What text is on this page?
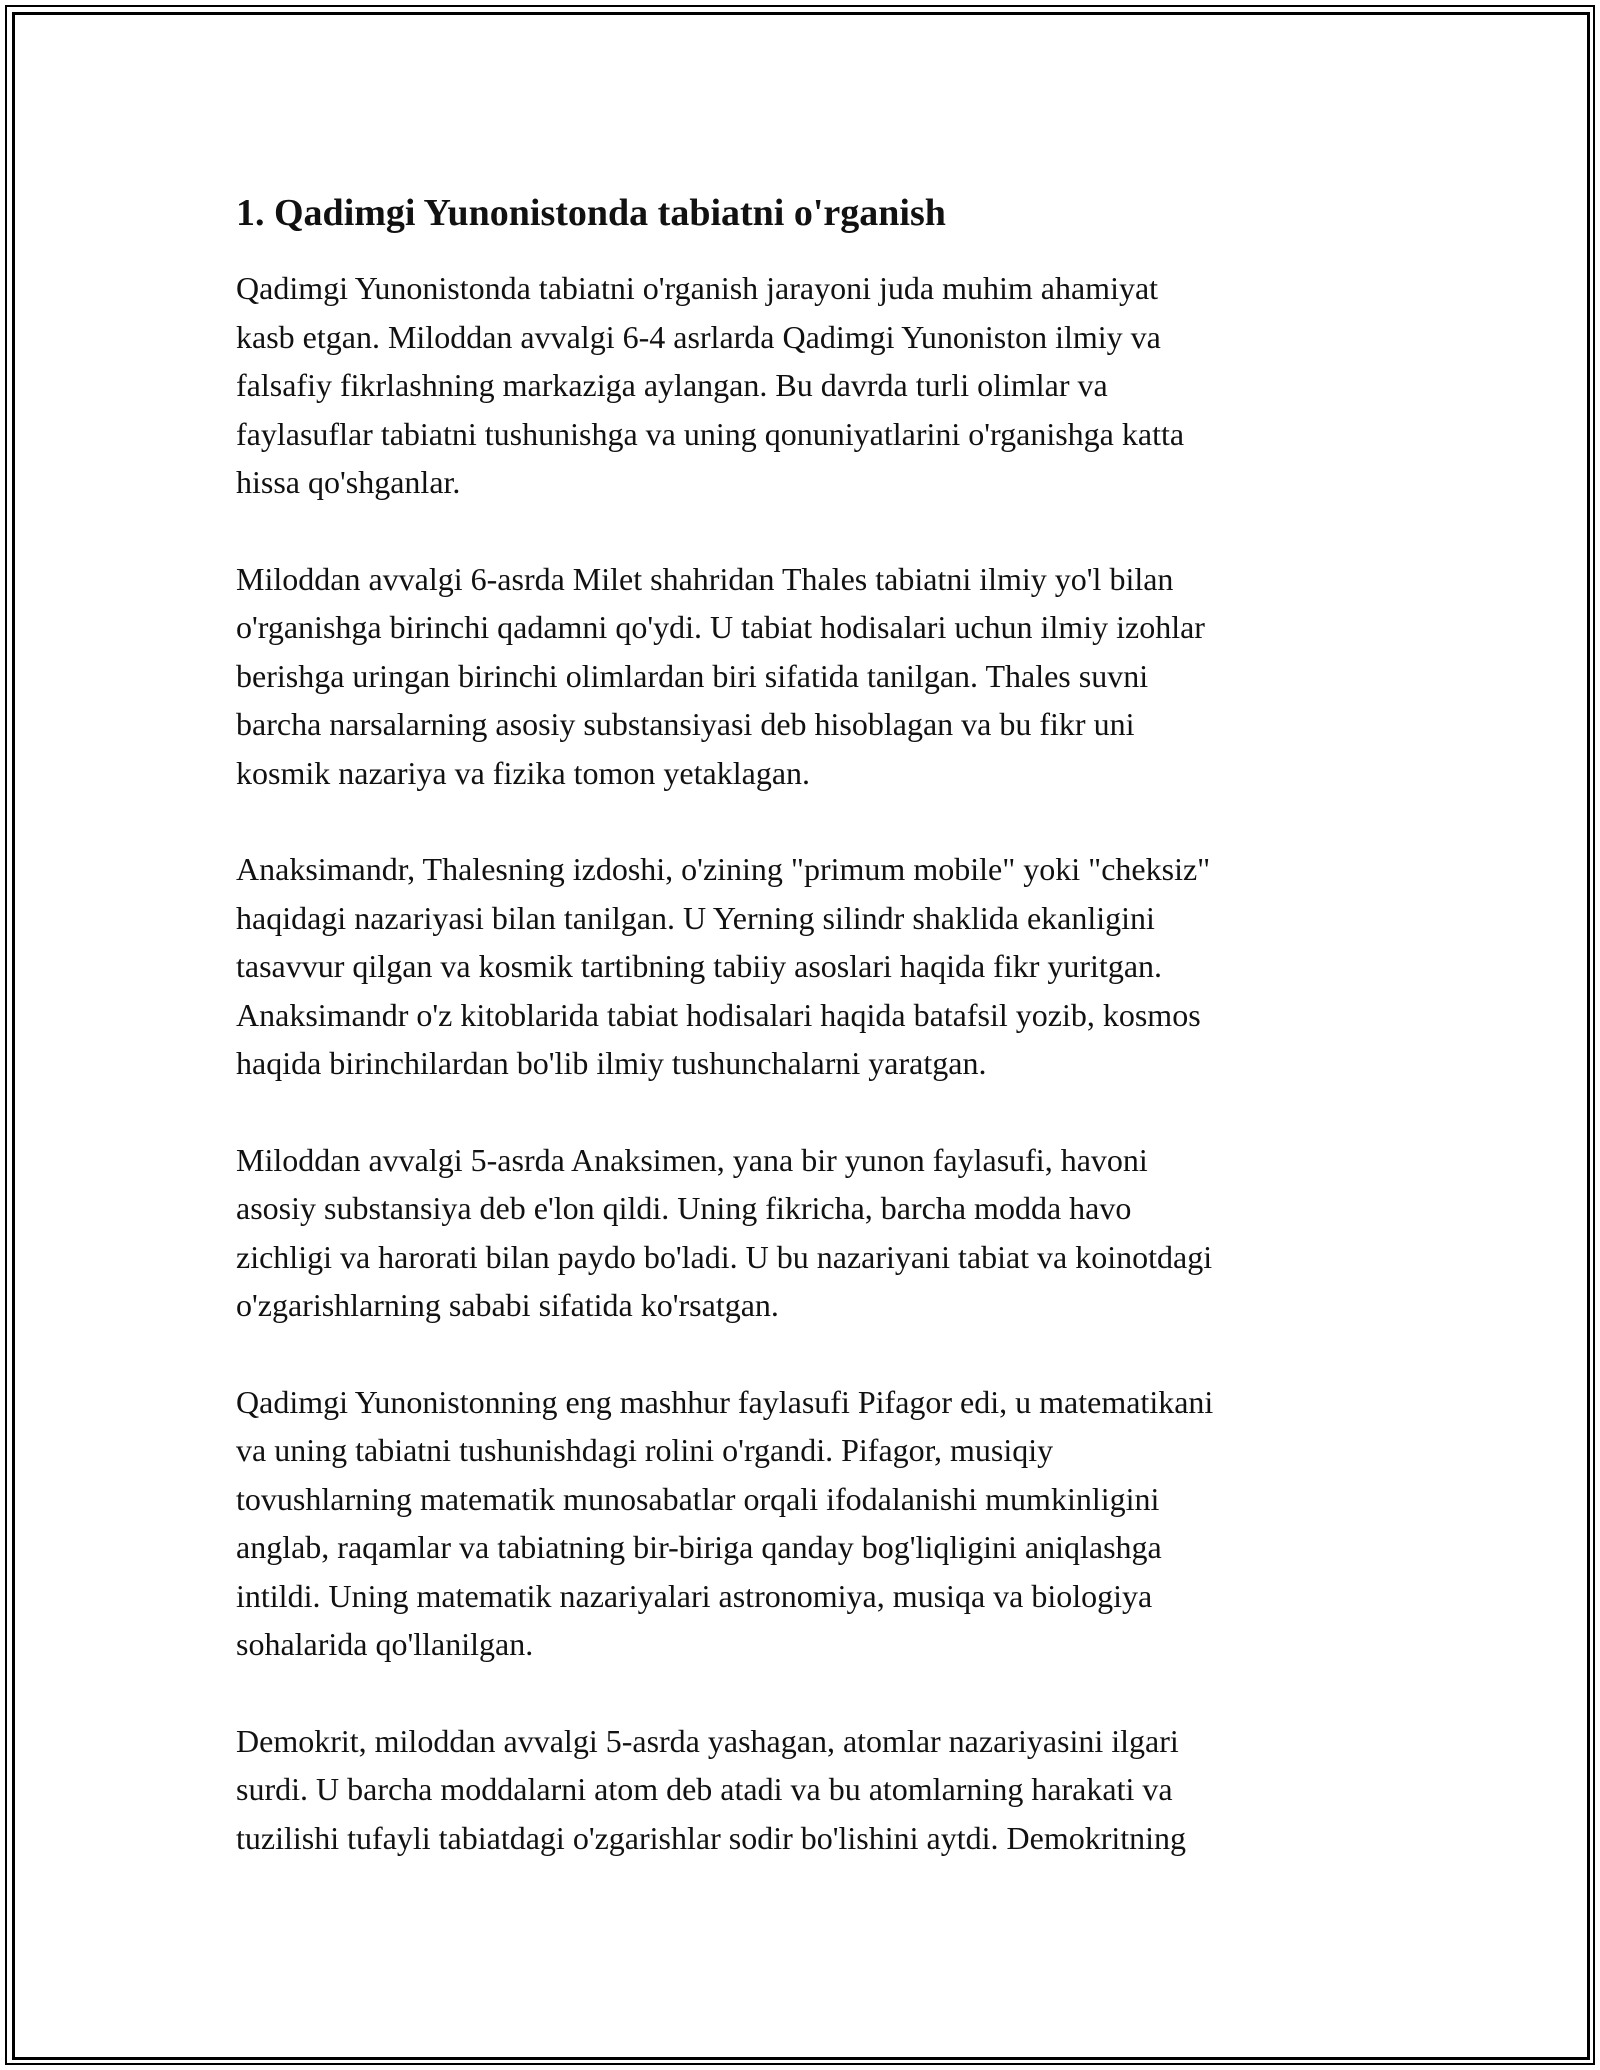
1. Qadimgi Yunonistonda tabiatni o'rganish

Qadimgi Yunonistonda tabiatni o'rganish jarayoni juda muhim ahamiyat
kasb etgan. Miloddan avvalgi 6-4 asrlarda Qadimgi Yunoniston ilmiy va
falsafiy fikrlashning markaziga aylangan. Bu davrda turli olimlar va
faylasuflar tabiatni tushunishga va uning qonuniyatlarini o'rganishga katta
hissa qo'shganlar.

Miloddan avvalgi 6-asrda Milet shahridan Thales tabiatni ilmiy yo'l bilan
o'rganishga birinchi qadamni qo'ydi. U tabiat hodisalari uchun ilmiy izohlar
berishga uringan birinchi olimlardan biri sifatida tanilgan. Thales suvni
barcha narsalarning asosiy substansiyasi deb hisoblagan va bu fikr uni
kosmik nazariya va fizika tomon yetaklagan.

Anaksimandr, Thalesning izdoshi, o'zining "primum mobile" yoki "cheksiz"
haqidagi nazariyasi bilan tanilgan. U Yerning silindr shaklida ekanligini
tasavvur qilgan va kosmik tartibning tabiiy asoslari haqida fikr yuritgan.
Anaksimandr o'z kitoblarida tabiat hodisalari haqida batafsil yozib, kosmos
haqida birinchilardan bo'lib ilmiy tushunchalarni yaratgan.

Miloddan avvalgi 5-asrda Anaksimen, yana bir yunon faylasufi, havoni
asosiy substansiya deb e'lon qildi. Uning fikricha, barcha modda havo
zichligi va harorati bilan paydo bo'ladi. U bu nazariyani tabiat va koinotdagi
o'zgarishlarning sababi sifatida ko'rsatgan.

Qadimgi Yunonistonning eng mashhur faylasufi Pifagor edi, u matematikani
va uning tabiatni tushunishdagi rolini o'rgandi. Pifagor, musiqiy
tovushlarning matematik munosabatlar orqali ifodalanishi mumkinligini
anglab, raqamlar va tabiatning bir-biriga qanday bog'liqligini aniqlashga
intildi. Uning matematik nazariyalari astronomiya, musiqa va biologiya
sohalarida qo'llanilgan.

Demokrit, miloddan avvalgi 5-asrda yashagan, atomlar nazariyasini ilgari
surdi. U barcha moddalarni atom deb atadi va bu atomlarning harakati va
tuzilishi tufayli tabiatdagi o'zgarishlar sodir bo'lishini aytdi. Demokritning
